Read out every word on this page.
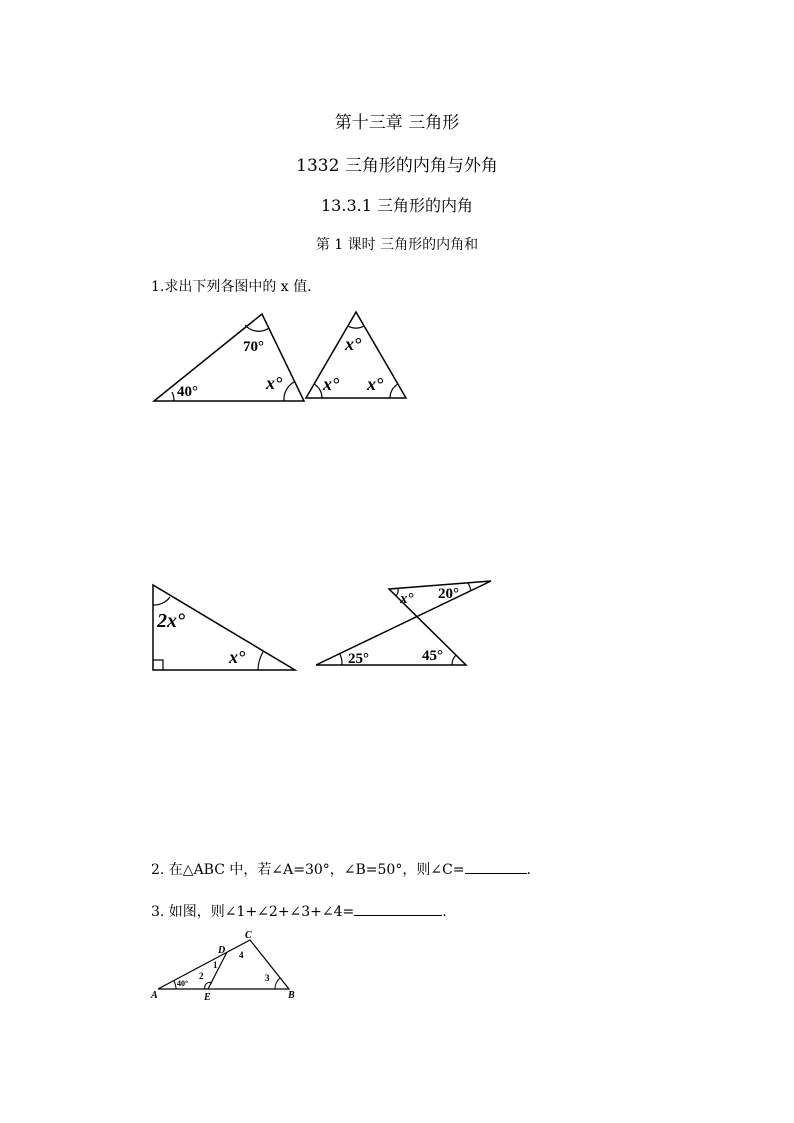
第十三章 三角形
1332 三角形的内角与外角
13.3.1 三角形的内角
第 1 课时 三角形的内角和
1.求出下列各图中的 x 值.
40°
70°
x°
x°
x° x°
2x°
x°
x° 20°
25°	45°
2. 在△ABC 中，若∠A=30°，∠B=50°，则∠C=	.
3. 如图，则∠1+∠2+∠3+∠4=	.
A	B
C
D
E
1
2	3
4
40°
